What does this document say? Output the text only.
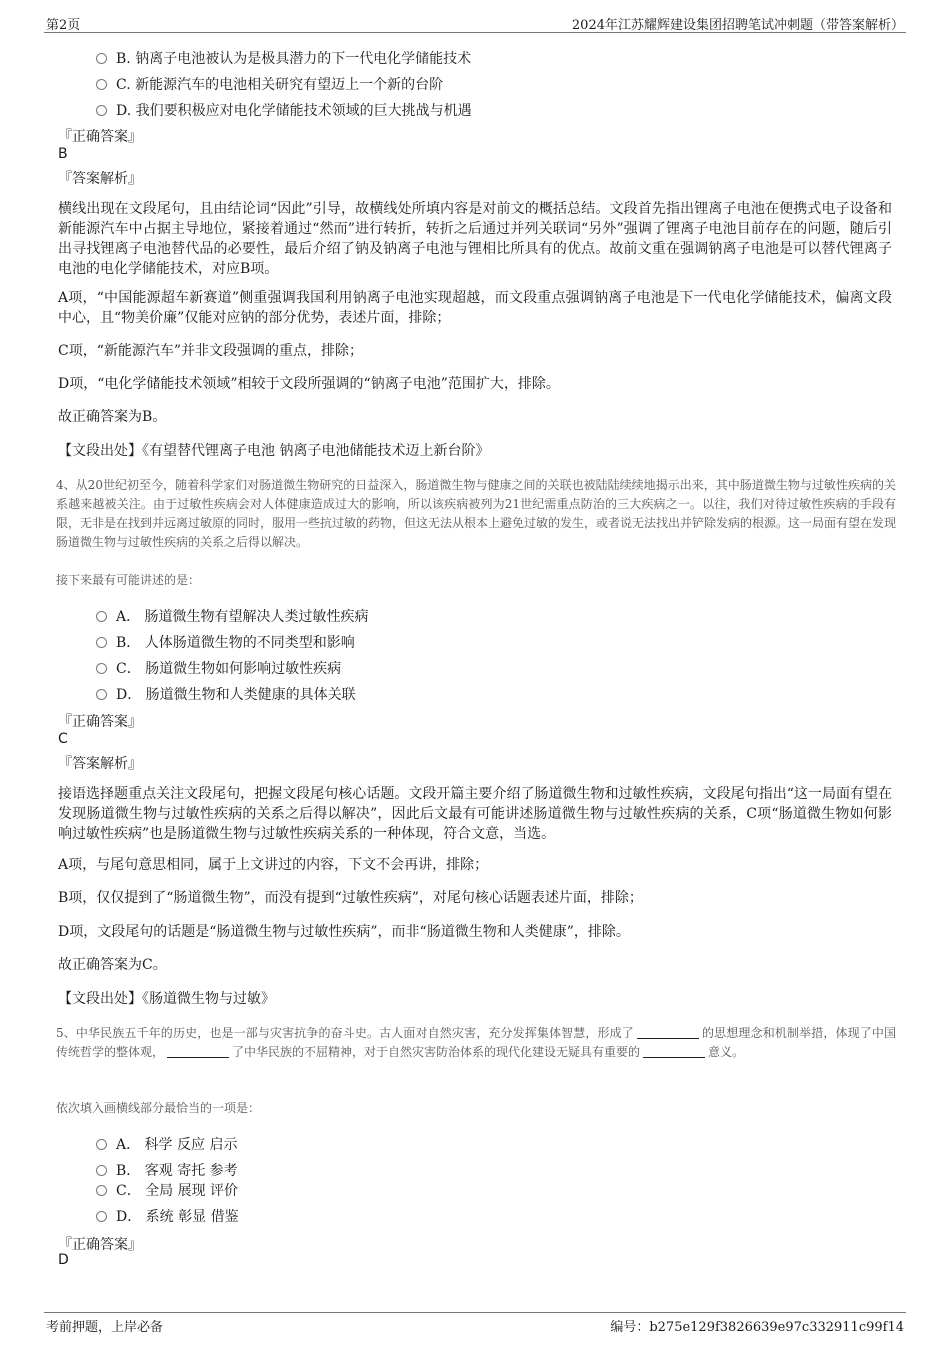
第2页	2024年江苏耀辉建设集团招聘笔试冲刺题（带答案解析）
B. 钠离子电池被认为是极具潜力的下一代电化学储能技术
C. 新能源汽车的电池相关研究有望迈上一个新的台阶
D. 我们要积极应对电化学储能技术领域的巨大挑战与机遇
『正确答案』
B
『答案解析』
横线出现在文段尾句，且由结论词“因此”引导，故横线处所填内容是对前文的概括总结。文段首先指出锂离子电池在便携式电子设备和新能源汽车中占据主导地位，紧接着通过“然而”进行转折，转折之后通过并列关联词“另外”强调了锂离子电池目前存在的问题，随后引出寻找锂离子电池替代品的必要性，最后介绍了钠及钠离子电池与锂相比所具有的优点。故前文重在强调钠离子电池是可以替代锂离子电池的电化学储能技术，对应B项。
A项，“中国能源超车新赛道”侧重强调我国利用钠离子电池实现超越，而文段重点强调钠离子电池是下一代电化学储能技术，偏离文段中心，且“物美价廉”仅能对应钠的部分优势，表述片面，排除；
C项，“新能源汽车”并非文段强调的重点，排除；
D项，“电化学储能技术领域”相较于文段所强调的“钠离子电池”范围扩大，排除。
故正确答案为B。
【文段出处】《有望替代锂离子电池 钠离子电池储能技术迈上新台阶》
4、从20世纪初至今，随着科学家们对肠道微生物研究的日益深入，肠道微生物与健康之间的关联也被陆陆续续地揭示出来，其中肠道微生物与过敏性疾病的关系越来越被关注。由于过敏性疾病会对人体健康造成过大的影响，所以该疾病被列为21世纪需重点防治的三大疾病之一。以往，我们对待过敏性疾病的手段有限，无非是在找到并远离过敏原的同时，服用一些抗过敏的药物，但这无法从根本上避免过敏的发生，或者说无法找出并铲除发病的根源。这一局面有望在发现肠道微生物与过敏性疾病的关系之后得以解决。
接下来最有可能讲述的是：
A． 肠道微生物有望解决人类过敏性疾病
B． 人体肠道微生物的不同类型和影响
C． 肠道微生物如何影响过敏性疾病
D． 肠道微生物和人类健康的具体关联
『正确答案』
C
『答案解析』
接语选择题重点关注文段尾句，把握文段尾句核心话题。文段开篇主要介绍了肠道微生物和过敏性疾病，文段尾句指出“这一局面有望在发现肠道微生物与过敏性疾病的关系之后得以解决”，因此后文最有可能讲述肠道微生物与过敏性疾病的关系，C项“肠道微生物如何影响过敏性疾病”也是肠道微生物与过敏性疾病关系的一种体现，符合文意，当选。
A项，与尾句意思相同，属于上文讲过的内容，下文不会再讲，排除；
B项，仅仅提到了“肠道微生物”，而没有提到“过敏性疾病”，对尾句核心话题表述片面，排除；
D项，文段尾句的话题是“肠道微生物与过敏性疾病”，而非“肠道微生物和人类健康”，排除。
故正确答案为C。
【文段出处】《肠道微生物与过敏》
5、中华民族五千年的历史，也是一部与灾害抗争的奋斗史。古人面对自然灾害，充分发挥集体智慧，形成了	的思想理念和机制举措，体现了中国传统哲学的整体观，	了中华民族的不屈精神，对于自然灾害防治体系的现代化建设无疑具有重要的	意义。
依次填入画横线部分最恰当的一项是：
A． 科学 反应 启示
B． 客观 寄托 参考
C． 全局 展现 评价
D． 系统 彰显 借鉴
『正确答案』
D
考前押题，上岸必备	编号：b275e129f3826639e97c332911c99f14
